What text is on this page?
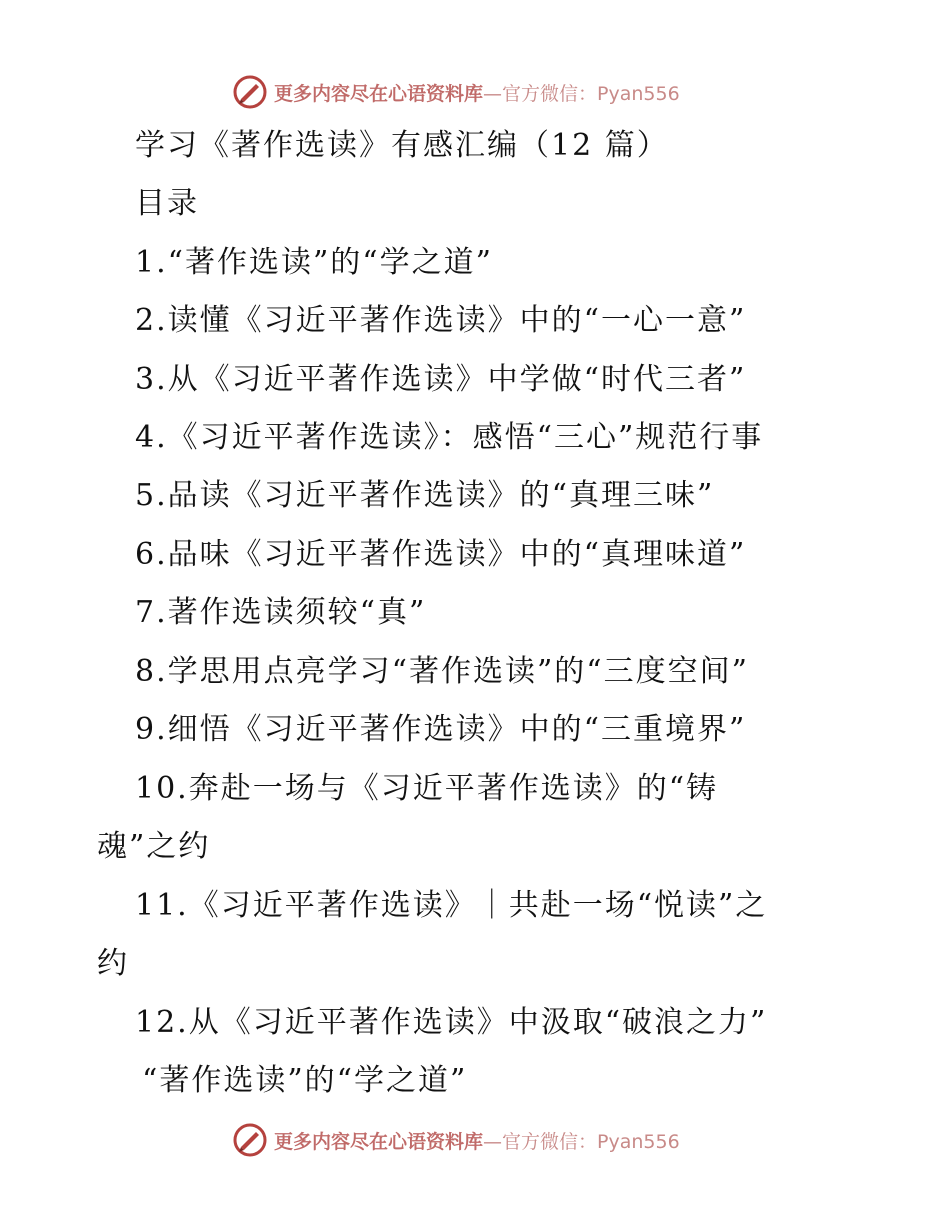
更多内容尽在心语资料库—官方微信：Pyan556
学习《著作选读》有感汇编（12 篇）
目录
1.“著作选读”的“学之道”
2.读懂《习近平著作选读》中的“一心一意”
3.从《习近平著作选读》中学做“时代三者”
4.《习近平著作选读》：感悟“三心”规范行事
5.品读《习近平著作选读》的“真理三味”
6.品味《习近平著作选读》中的“真理味道”
7.著作选读须较“真”
8.学思用点亮学习“著作选读”的“三度空间”
9.细悟《习近平著作选读》中的“三重境界”
10.奔赴一场与《习近平著作选读》的“铸
魂”之约
11.《习近平著作选读》｜共赴一场“悦读”之
约
12.从《习近平著作选读》中汲取“破浪之力”
“著作选读”的“学之道”
更多内容尽在心语资料库—官方微信：Pyan556
